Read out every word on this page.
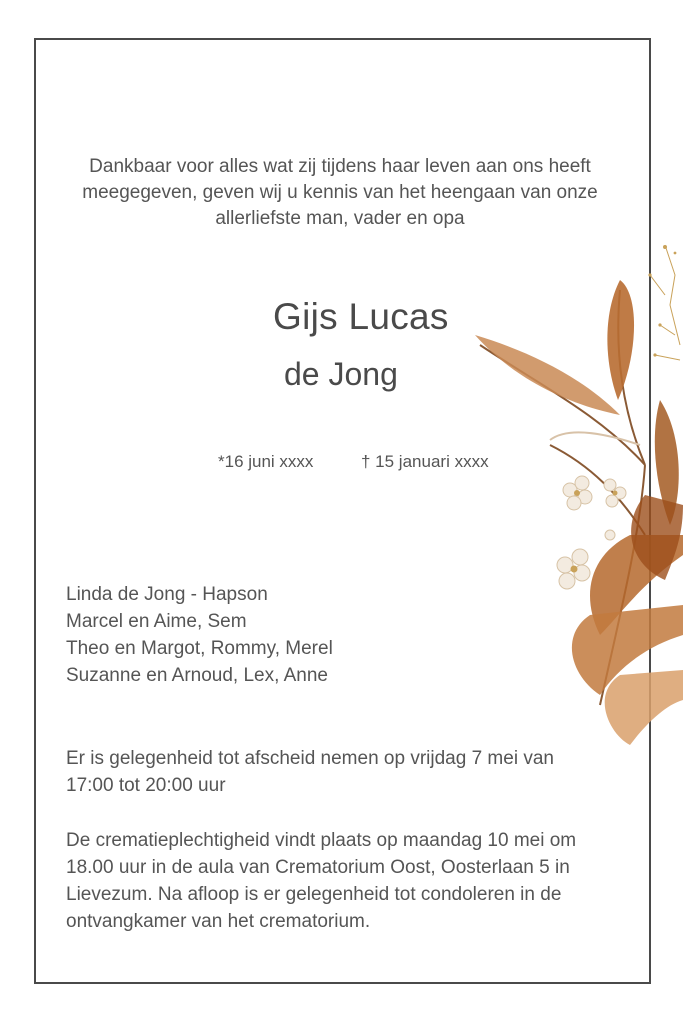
Dankbaar voor alles wat zij tijdens haar leven aan ons heeft
meegegeven, geven wij u kennis van het heengaan van onze
allerliefste man, vader en opa
Gijs Lucas
de Jong
*16 juni xxxx	† 15 januari xxxx
Linda de Jong - Hapson
Marcel en Aime, Sem
Theo en Margot, Rommy, Merel
Suzanne en Arnoud, Lex, Anne
Er is gelegenheid tot afscheid nemen op vrijdag 7 mei van
17:00 tot 20:00 uur
De crematieplechtigheid vindt plaats op maandag 10 mei om
18.00 uur in de aula van Crematorium Oost, Oosterlaan 5 in
Lievezum. Na afloop is er gelegenheid tot condoleren in de
ontvangkamer van het crematorium.
